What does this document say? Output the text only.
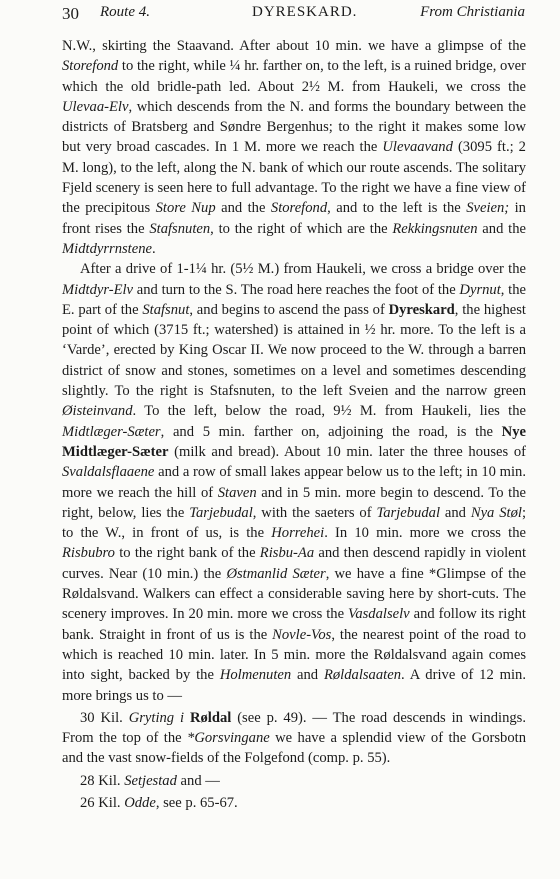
30 Route 4.	DYRESKARD.	From Christiania

N.W., skirting the Staavand. After about 10 min. we have a glimpse of the Storefond to the right, while ¼ hr. farther on, to the left, is a ruined bridge, over which the old bridle-path led. About 2½ M. from Haukeli, we cross the Ulevaa-Elv, which descends from the N. and forms the boundary between the districts of Bratsberg and Søndre Bergenhus; to the right it makes some low but very broad cascades. In 1 M. more we reach the Ulevaavand (3095 ft.; 2 M. long), to the left, along the N. bank of which our route ascends. The solitary Fjeld scenery is seen here to full advantage. To the right we have a fine view of the precipitous Store Nup and the Storefond, and to the left is the Sveien; in front rises the Stafsnuten, to the right of which are the Rekkingsnuten and the Midtdyrrnstene.

After a drive of 1-1¼ hr. (5½ M.) from Haukeli, we cross a bridge over the Midtdyr-Elv and turn to the S. The road here reaches the foot of the Dyrnut, the E. part of the Stafsnut, and begins to ascend the pass of Dyreskard, the highest point of which (3715 ft.; watershed) is attained in ½ hr. more. To the left is a ‘Varde’, erected by King Oscar II. We now proceed to the W. through a barren district of snow and stones, sometimes on a level and sometimes descending slightly. To the right is Stafsnuten, to the left Sveien and the narrow green Øisteinvand. To the left, below the road, 9½ M. from Haukeli, lies the Midtlæger-Sæter, and 5 min. farther on, adjoining the road, is the Nye Midtlæger-Sæter (milk and bread). About 10 min. later the three houses of Svaldalsflaaene and a row of small lakes appear below us to the left; in 10 min. more we reach the hill of Staven and in 5 min. more begin to descend. To the right, below, lies the Tarjebudal, with the saeters of Tarjebudal and Nya Støl; to the W., in front of us, is the Horrehei. In 10 min. more we cross the Risbubro to the right bank of the Risbu-Aa and then descend rapidly in violent curves. Near (10 min.) the Østmanlid Sæter, we have a fine *Glimpse of the Røldalsvand. Walkers can effect a considerable saving here by short-cuts. The scenery improves. In 20 min. more we cross the Vasdalselv and follow its right bank. Straight in front of us is the Novle-Vos, the nearest point of the road to which is reached 10 min. later. In 5 min. more the Røldalsvand again comes into sight, backed by the Holmenuten and Røldalsaaten. A drive of 12 min. more brings us to —

30 Kil. Gryting i Røldal (see p. 49). — The road descends in windings. From the top of the *Gorsvingane we have a splendid view of the Gorsbotn and the vast snow-fields of the Folgefond (comp. p. 55).

28 Kil. Setjestad and —

26 Kil. Odde, see p. 65-67.
